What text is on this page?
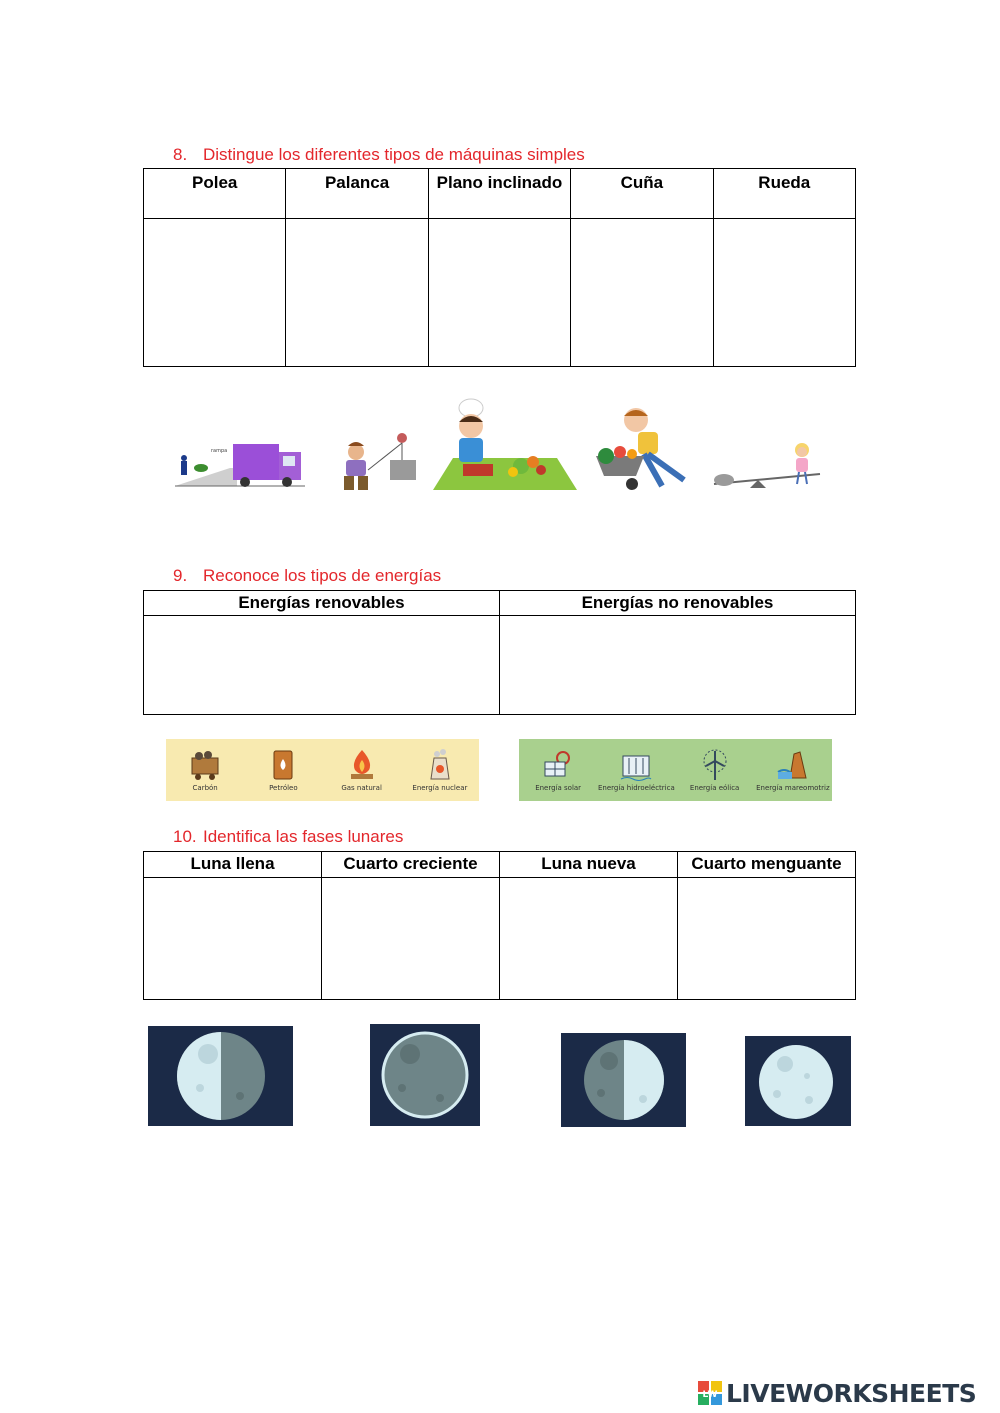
8. Distingue los diferentes tipos de máquinas simples
Polea	Palanca	Plano inclinado	Cuña	Rueda

rampa
9. Reconoce los tipos de energías
Energías renovables	Energías no renovables

Carbón	Petróleo	Gas natural	Energía nuclear	Energía solar Energía hidroeléctrica Energía eólica Energía mareomotriz
10. Identifica las fases lunares
Luna llena	Cuarto creciente	Luna nueva	Cuarto menguante

LW LIVEWORKSHEETS
